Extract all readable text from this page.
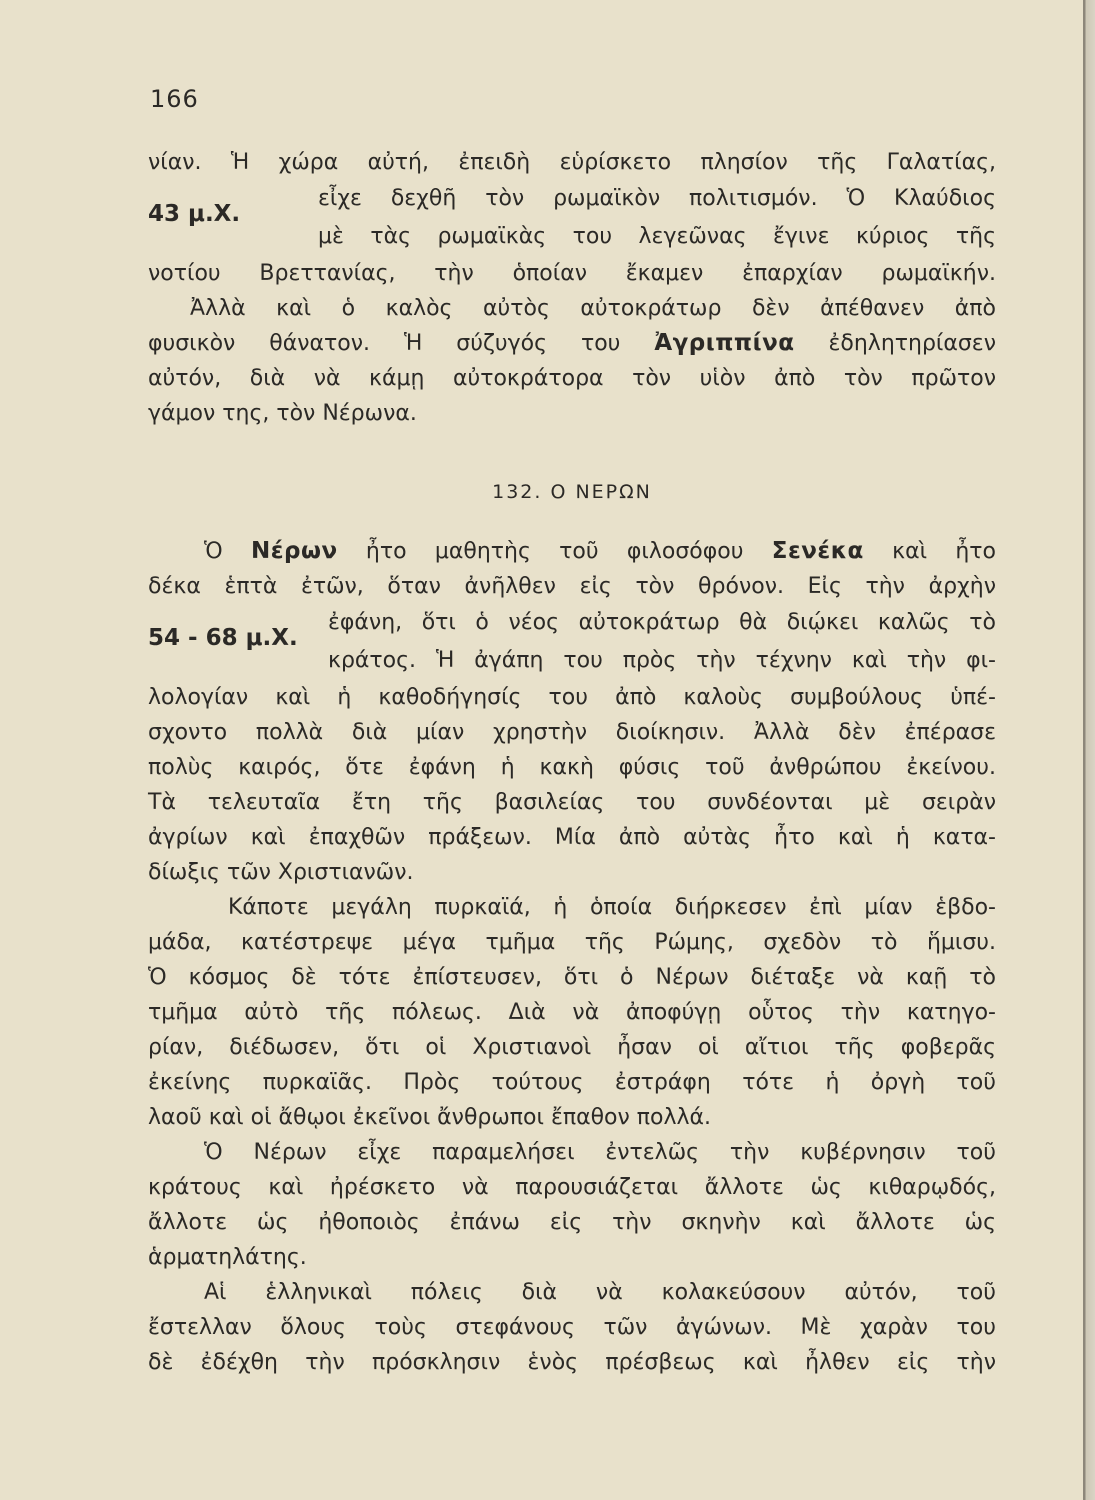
166
νίαν. Ἡ χώρα αὐτή, ἐπειδὴ εὑρίσκετο πλησίον τῆς Γαλατίας,
43 μ.Χ.
εἶχε δεχθῆ τὸν ρωμαϊκὸν πολιτισμόν. Ὁ Κλαύδιος
μὲ τὰς ρωμαϊκὰς του λεγεῶνας ἔγινε κύριος τῆς
νοτίου Βρεττανίας, τὴν ὁποίαν ἔκαμεν ἐπαρχίαν ρωμαϊκήν.
Ἀλλὰ καὶ ὁ καλὸς αὐτὸς αὐτοκράτωρ δὲν ἀπέθανεν ἀπὸ
φυσικὸν θάνατον. Ἡ σύζυγός του Ἀγριππίνα ἐδηλητηρίασεν
αὐτόν, διὰ νὰ κάμῃ αὐτοκράτορα τὸν υἱὸν ἀπὸ τὸν πρῶτον
γάμον της, τὸν Νέρωνα.
132. Ο ΝΕΡΩΝ
Ὁ Νέρων ἦτο μαθητὴς τοῦ φιλοσόφου Σενέκα καὶ ἦτο
δέκα ἑπτὰ ἐτῶν, ὅταν ἀνῆλθεν εἰς τὸν θρόνον. Εἰς τὴν ἀρχὴν
54 - 68 μ.Χ.
ἐφάνη, ὅτι ὁ νέος αὐτοκράτωρ θὰ διῴκει καλῶς τὸ
κράτος. Ἡ ἀγάπη του πρὸς τὴν τέχνην καὶ τὴν φι-
λολογίαν καὶ ἡ καθοδήγησίς του ἀπὸ καλοὺς συμβούλους ὑπέ-
σχοντο πολλὰ διὰ μίαν χρηστὴν διοίκησιν. Ἀλλὰ δὲν ἐπέρασε
πολὺς καιρός, ὅτε ἐφάνη ἡ κακὴ φύσις τοῦ ἀνθρώπου ἐκείνου.
Τὰ τελευταῖα ἔτη τῆς βασιλείας του συνδέονται μὲ σειρὰν
ἀγρίων καὶ ἐπαχθῶν πράξεων. Μία ἀπὸ αὐτὰς ἦτο καὶ ἡ κατα-
δίωξις τῶν Χριστιανῶν.
Κάποτε μεγάλη πυρκαϊά, ἡ ὁποία διήρκεσεν ἐπὶ μίαν ἑβδο-
μάδα, κατέστρεψε μέγα τμῆμα τῆς Ρώμης, σχεδὸν τὸ ἥμισυ.
Ὁ κόσμος δὲ τότε ἐπίστευσεν, ὅτι ὁ Νέρων διέταξε νὰ καῇ τὸ
τμῆμα αὐτὸ τῆς πόλεως. Διὰ νὰ ἀποφύγῃ οὗτος τὴν κατηγο-
ρίαν, διέδωσεν, ὅτι οἱ Χριστιανοὶ ἦσαν οἱ αἴτιοι τῆς φοβερᾶς
ἐκείνης πυρκαϊᾶς. Πρὸς τούτους ἐστράφη τότε ἡ ὀργὴ τοῦ
λαοῦ καὶ οἱ ἄθῳοι ἐκεῖνοι ἄνθρωποι ἔπαθον πολλά.
Ὁ Νέρων εἶχε παραμελήσει ἐντελῶς τὴν κυβέρνησιν τοῦ
κράτους καὶ ἠρέσκετο νὰ παρουσιάζεται ἄλλοτε ὡς κιθαρῳδός,
ἄλλοτε ὡς ἠθοποιὸς ἐπάνω εἰς τὴν σκηνὴν καὶ ἄλλοτε ὡς
ἁρματηλάτης.
Αἱ ἑλληνικαὶ πόλεις διὰ νὰ κολακεύσουν αὐτόν, τοῦ
ἔστελλαν ὅλους τοὺς στεφάνους τῶν ἀγώνων. Μὲ χαρὰν του
δὲ ἐδέχθη τὴν πρόσκλησιν ἑνὸς πρέσβεως καὶ ἦλθεν εἰς τὴν
